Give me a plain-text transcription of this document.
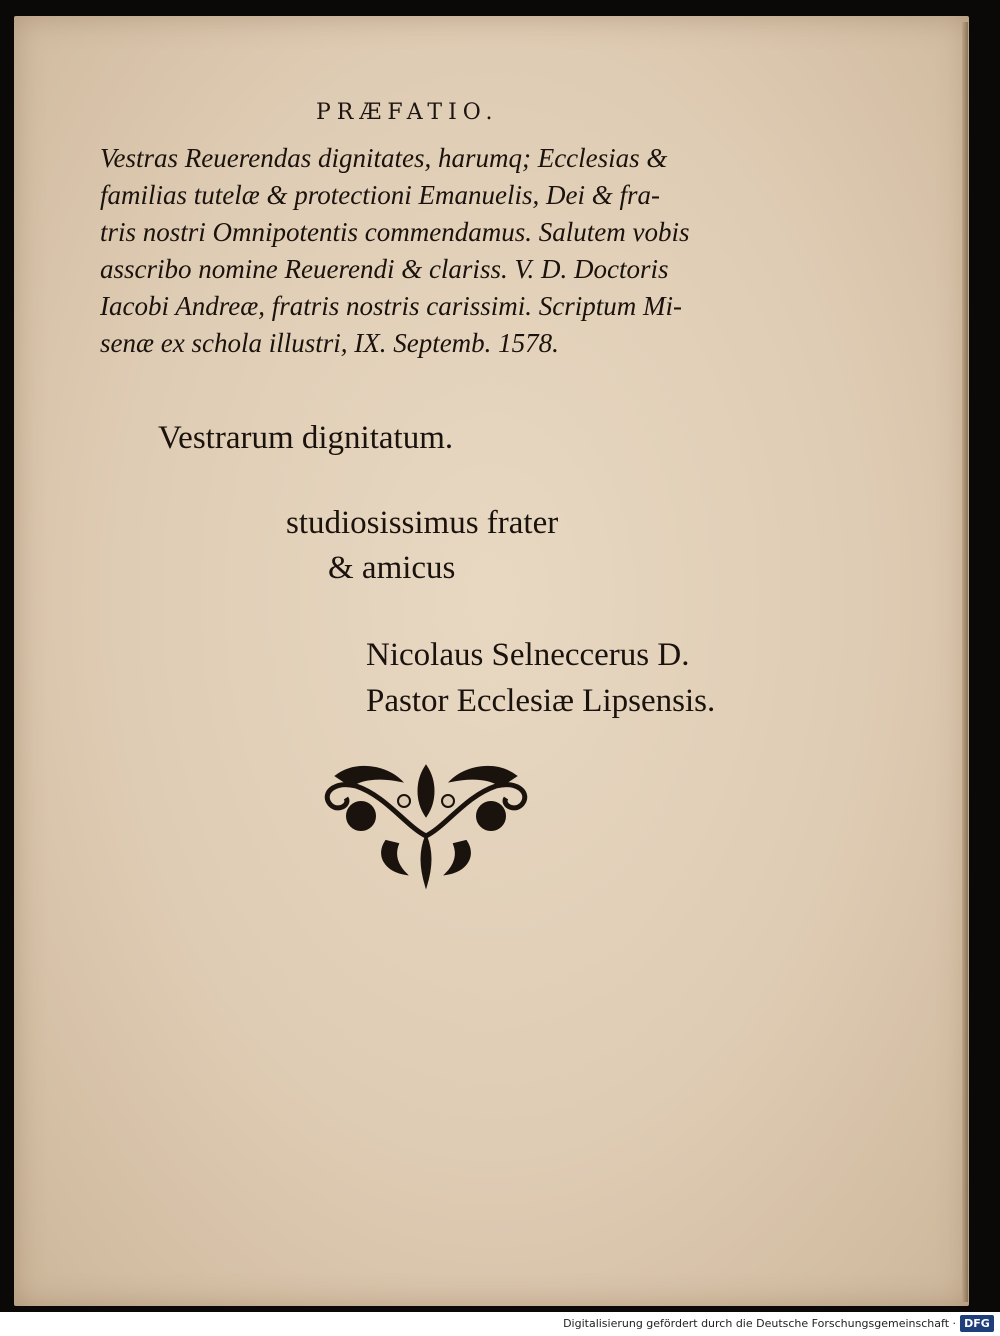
PRÆFATIO.
Vestras Reuerendas dignitates, harumq; Ecclesias &
familias tutelæ & protectioni Emanuelis, Dei & fra-
tris nostri Omnipotentis commendamus. Salutem vobis
asscribo nomine Reuerendi & clariss. V. D. Doctoris
Iacobi Andreæ, fratris nostris carissimi. Scriptum Mi-
senæ ex schola illustri, IX. Septemb. 1578.
Vestrarum dignitatum.
studiosissimus frater
& amicus
Nicolaus Selneccerus D.
Pastor Ecclesiæ Lipsensis.
Digitalisierung gefördert durch die Deutsche Forschungsgemeinschaft · DFG
